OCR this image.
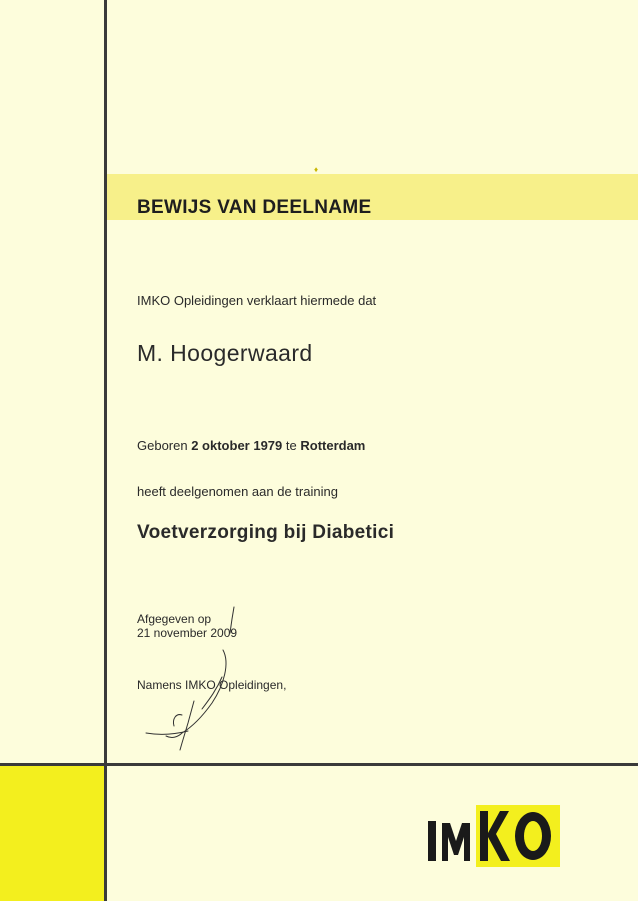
♦
BEWIJS VAN DEELNAME
IMKO Opleidingen verklaart hiermede dat
M. Hoogerwaard
Geboren 2 oktober 1979 te Rotterdam
heeft deelgenomen aan de training
Voetverzorging bij Diabetici
Afgegeven op
21 november 2009
Namens IMKO Opleidingen,
